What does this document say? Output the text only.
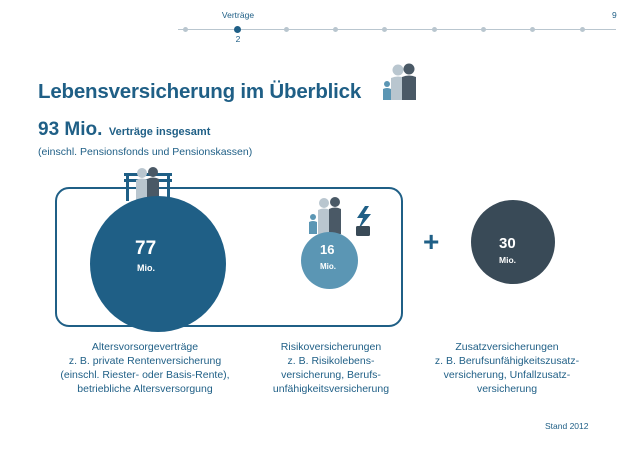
Verträge	9
2
Lebensversicherung im Überblick
93 Mio. Verträge insgesamt
(einschl. Pensionsfonds und Pensionskassen)
77
Mio.
16
Mio.
+	30
Mio.
Altersvorsorgeverträge
z. B. private Rentenversicherung
(einschl. Riester- oder Basis-Rente),
betriebliche Altersversorgung
Risikoversicherungen
z. B. Risikolebens-
versicherung, Berufs-
unfähigkeitsversicherung
Zusatzversicherungen
z. B. Berufsunfähigkeitszusatz-
versicherung, Unfallzusatz-
versicherung
Stand 2012
